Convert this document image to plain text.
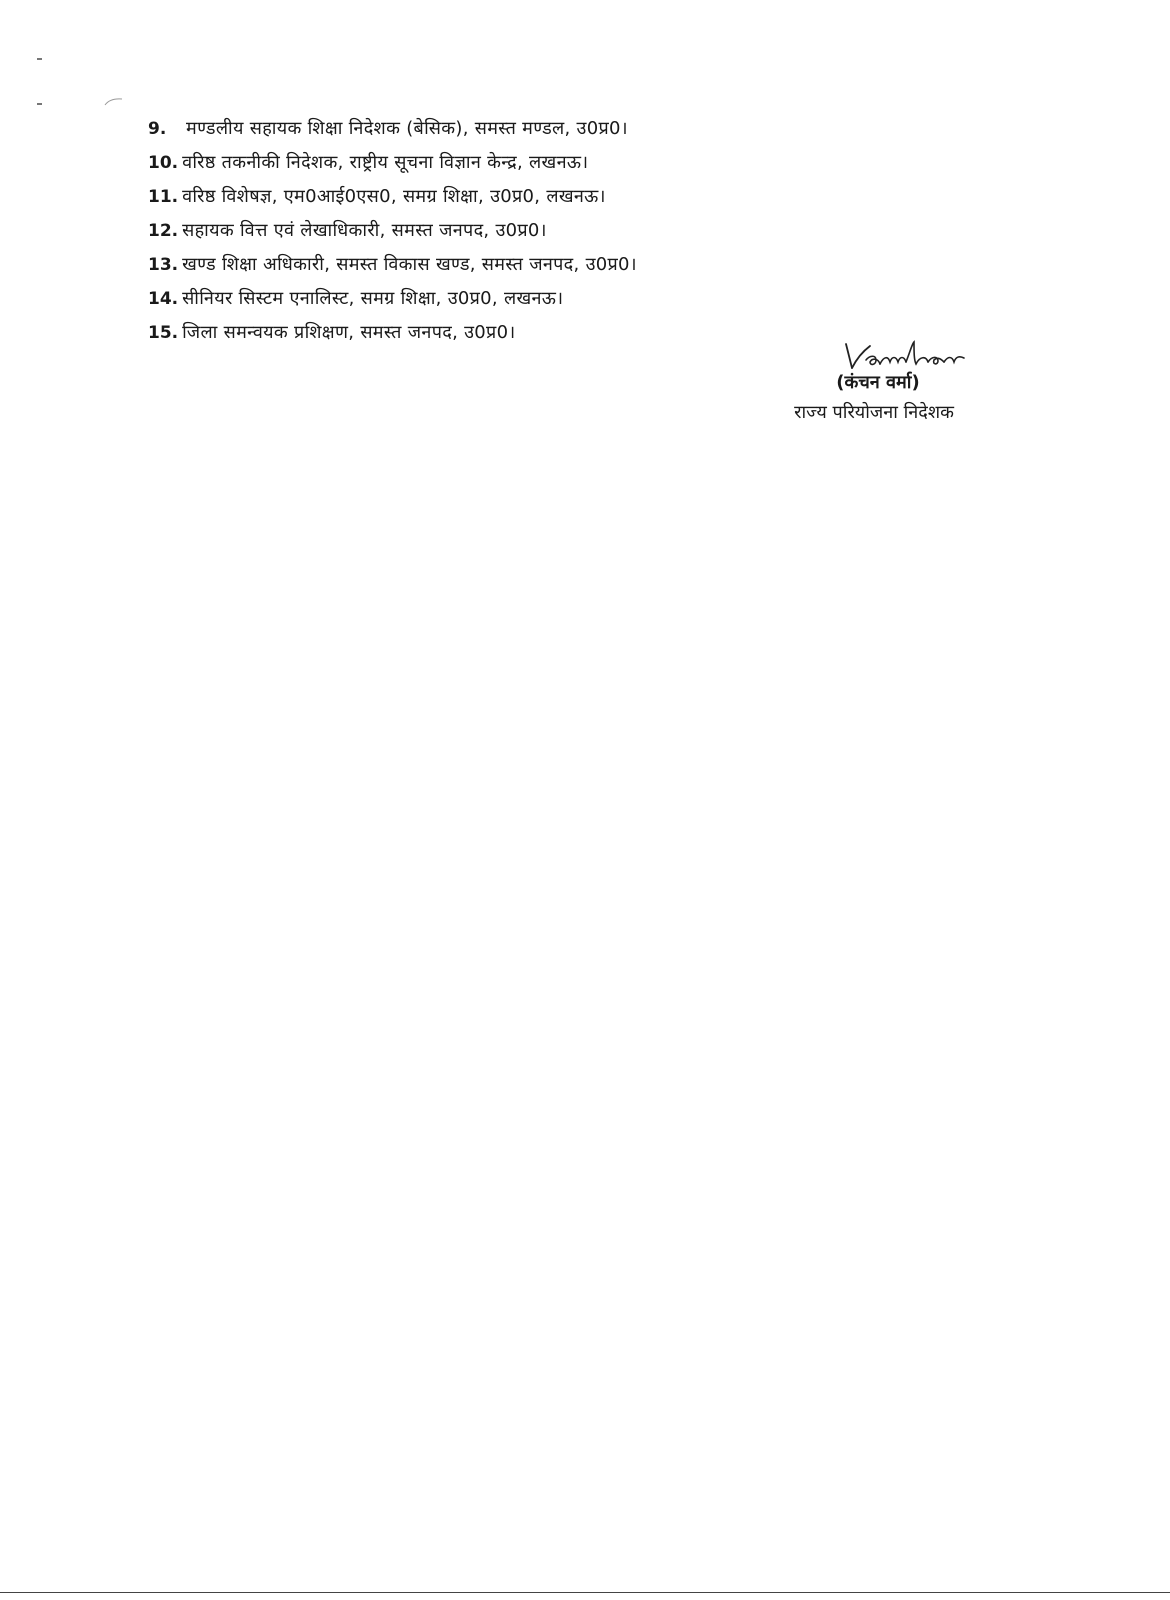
9.	मण्डलीय सहायक शिक्षा निदेशक (बेसिक), समस्त मण्डल, उ0प्र0।
10. वरिष्ठ तकनीकी निदेशक, राष्ट्रीय सूचना विज्ञान केन्द्र, लखनऊ।
11. वरिष्ठ विशेषज्ञ, एम0आई0एस0, समग्र शिक्षा, उ0प्र0, लखनऊ।
12. सहायक वित्त एवं लेखाधिकारी, समस्त जनपद, उ0प्र0।
13. खण्ड शिक्षा अधिकारी, समस्त विकास खण्ड, समस्त जनपद, उ0प्र0।
14. सीनियर सिस्टम एनालिस्ट, समग्र शिक्षा, उ0प्र0, लखनऊ।
15. जिला समन्वयक प्रशिक्षण, समस्त जनपद, उ0प्र0।
(कंचन वर्मा)
राज्य परियोजना निदेशक
